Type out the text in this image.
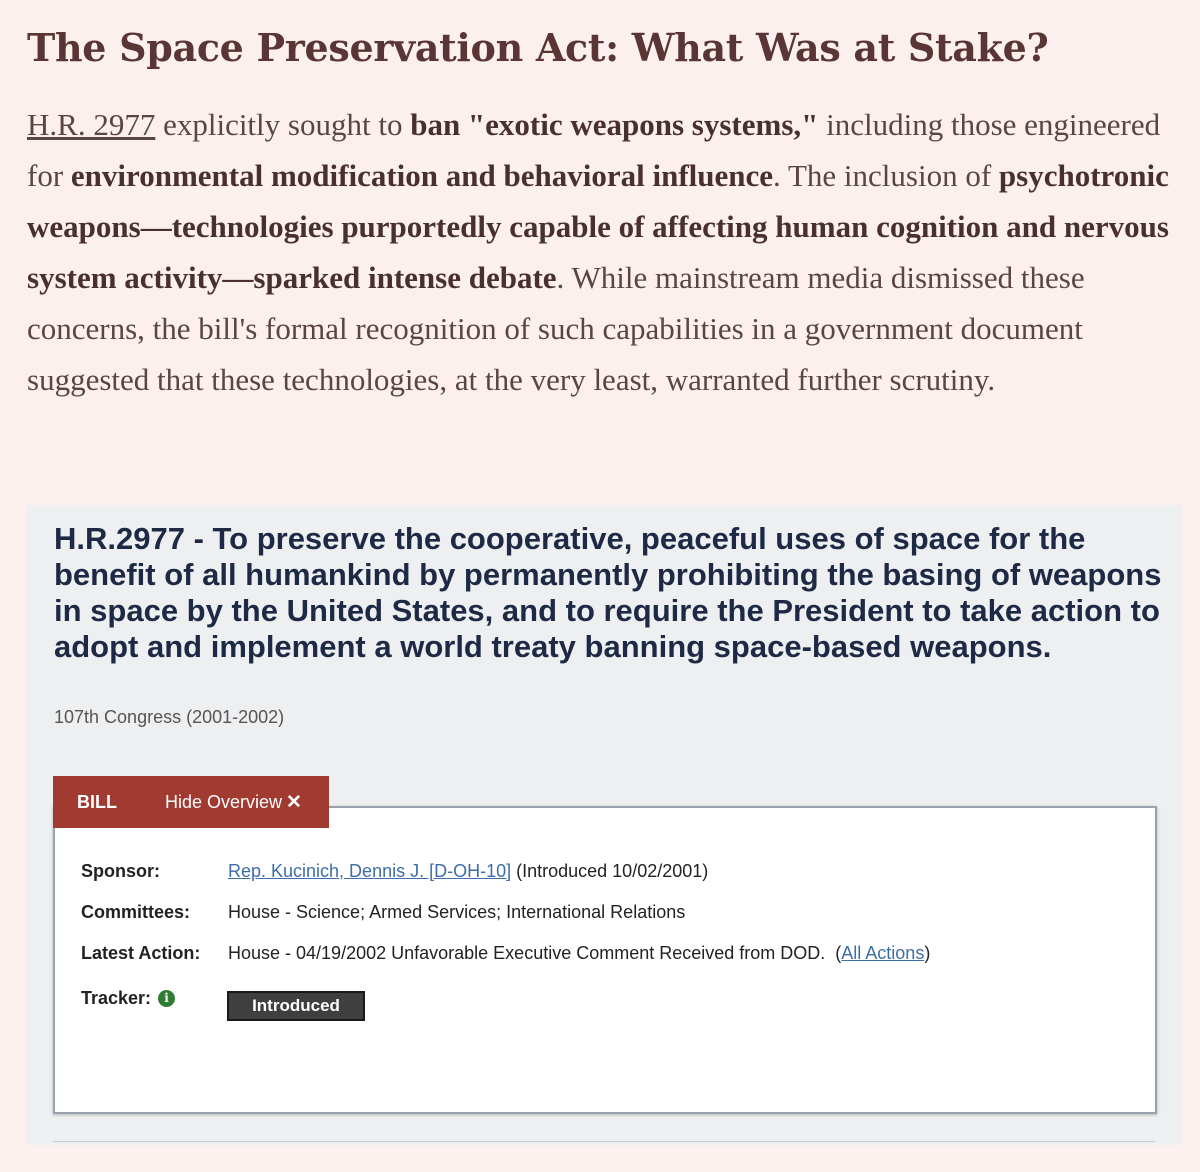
The Space Preservation Act: What Was at Stake?

H.R. 2977 explicitly sought to ban "exotic weapons systems," including those engineered for environmental modification and behavioral influence. The inclusion of psychotronic weapons—technologies purportedly capable of affecting human cognition and nervous system activity—sparked intense debate. While mainstream media dismissed these concerns, the bill's formal recognition of such capabilities in a government document suggested that these technologies, at the very least, warranted further scrutiny.

H.R.2977 - To preserve the cooperative, peaceful uses of space for the benefit of all humankind by permanently prohibiting the basing of weapons in space by the United States, and to require the President to take action to adopt and implement a world treaty banning space-based weapons.
107th Congress (2001-2002)
Sponsor:	Rep. Kucinich, Dennis J. [D-OH-10] (Introduced 10/02/2001)
Committees:	House - Science; Armed Services; International Relations
Latest Action:	House - 04/19/2002 Unfavorable Executive Comment Received from DOD.  (All Actions)
Tracker:	i	Introduced
BILL	Hide Overview ✕
